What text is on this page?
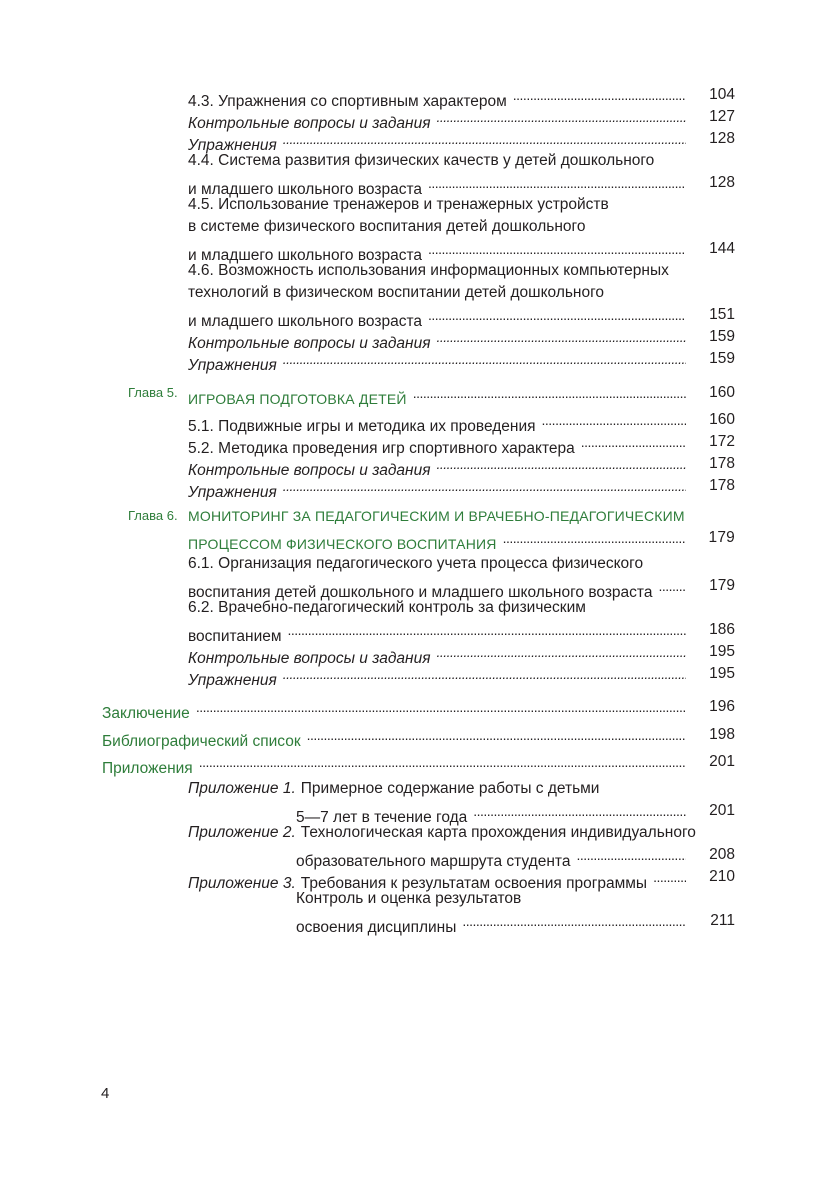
4.3. Упражнения со спортивным характером . . .	104
Контрольные вопросы и задания . . .	127
Упражнения . . .	128
4.4. Система развития физических качеств у детей дошкольного
и младшего школьного возраста . . .	128
4.5. Использование тренажеров и тренажерных устройств
в системе физического воспитания детей дошкольного
и младшего школьного возраста . . .	144
4.6. Возможность использования информационных компьютерных
технологий в физическом воспитании детей дошкольного
и младшего школьного возраста . . .	151
Контрольные вопросы и задания . . .	159
Упражнения . . .	159
Глава 5. ИГРОВАЯ ПОДГОТОВКА ДЕТЕЙ . . .	160
5.1. Подвижные игры и методика их проведения . . .	160
5.2. Методика проведения игр спортивного характера . . .	172
Контрольные вопросы и задания . . .	178
Упражнения . . .	178
Глава 6. МОНИТОРИНГ ЗА ПЕДАГОГИЧЕСКИМ И ВРАЧЕБНО-ПЕДАГОГИЧЕСКИМ
ПРОЦЕССОМ ФИЗИЧЕСКОГО ВОСПИТАНИЯ . . .	179
6.1. Организация педагогического учета процесса физического
воспитания детей дошкольного и младшего школьного возраста . . .	179
6.2. Врачебно-педагогический контроль за физическим
воспитанием . . .	186
Контрольные вопросы и задания . . .	195
Упражнения . . .	195
Заключение . . .	196
Библиографический список . . .	198
Приложения . . .	201
Приложение 1. Примерное содержание работы с детьми
5—7 лет в течение года . . .	201
Приложение 2. Технологическая карта прохождения индивидуального
образовательного маршрута студента . . .	208
Приложение 3. Требования к результатам освоения программы . . .	210
Контроль и оценка результатов
освоения дисциплины . . .	211
4
